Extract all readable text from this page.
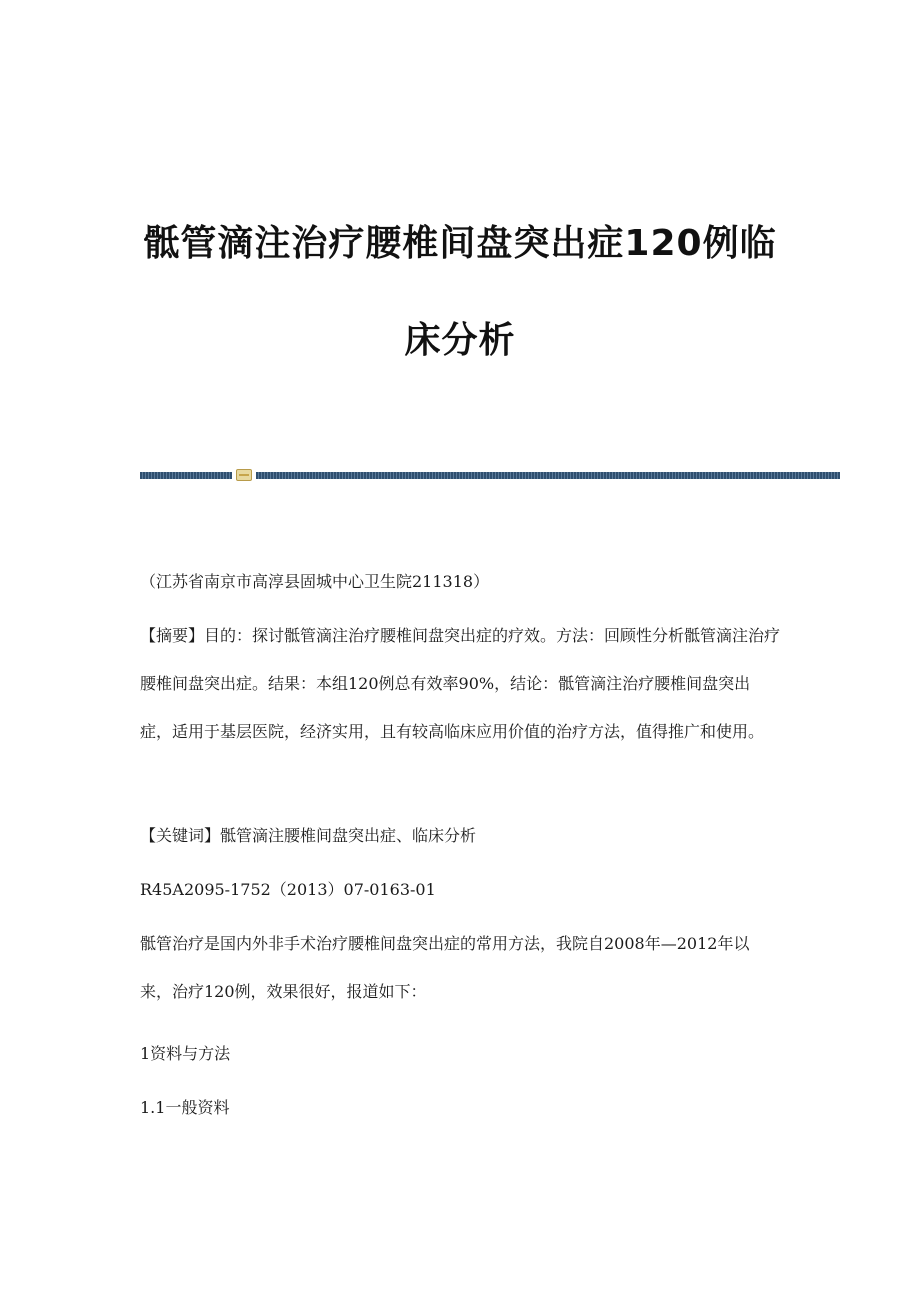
骶管滴注治疗腰椎间盘突出症120例临
床分析
（江苏省南京市高淳县固城中心卫生院211318）
【摘要】目的：探讨骶管滴注治疗腰椎间盘突出症的疗效。方法：回顾性分析骶管滴注治疗腰椎间盘突出症。结果：本组120例总有效率90%，结论：骶管滴注治疗腰椎间盘突出症，适用于基层医院，经济实用，且有较高临床应用价值的治疗方法，值得推广和使用。
【关键词】骶管滴注腰椎间盘突出症、临床分析
R45A2095-1752（2013）07-0163-01
骶管治疗是国内外非手术治疗腰椎间盘突出症的常用方法，我院自2008年—2012年以来，治疗120例，效果很好，报道如下：
1资料与方法
1.1一般资料
